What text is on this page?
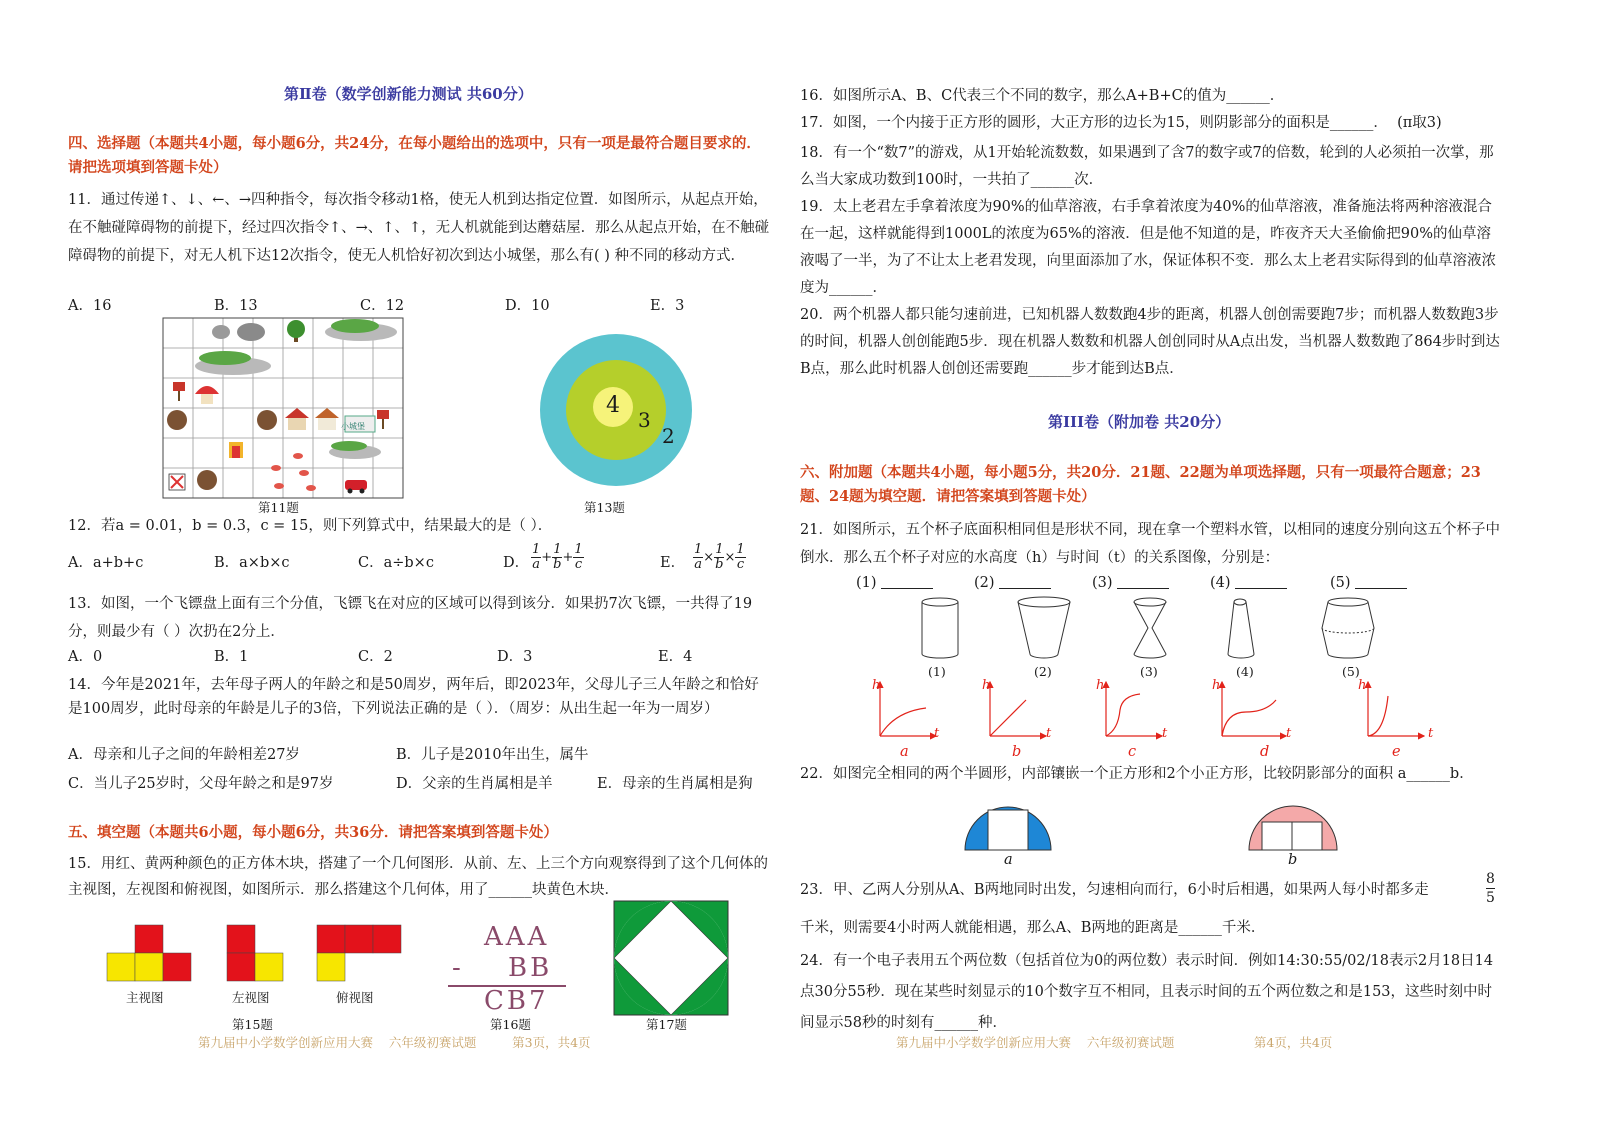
第Ⅱ卷（数学创新能力测试 共60分）
四、选择题（本题共4小题，每小题6分，共24分，在每小题给出的选项中，只有一项是最符合题目要求的．请把选项填到答题卡处）
11．通过传递↑、↓、←、→四种指令，每次指令移动1格，使无人机到达指定位置．如图所示，从起点开始，在不触碰障碍物的前提下，经过四次指令↑、→、↑、↑，无人机就能到达蘑菇屋．那么从起点开始，在不触碰障碍物的前提下，对无人机下达12次指令，使无人机恰好初次到达小城堡，那么有( ) 种不同的移动方式．
A．16	B．13	C．12	D．10	E．3
第11题
小城堡
4
3
2
第13题
12．若a = 0.01，b = 0.3，c = 15，则下列算式中，结果最大的是（ ）．
A．a+b+c	B．a×b×c	C．a÷b×c	D． $\frac{1}{a} + \frac{1}{b} + \frac{1}{c}$	E． $\frac{1}{a} \times \frac{1}{b} \times \frac{1}{c}$
13．如图，一个飞镖盘上面有三个分值，飞镖飞在对应的区域可以得到该分．如果扔7次飞镖，一共得了19分，则最少有（ ）次扔在2分上．
A．0	B．1	C．2	D．3	E．4
14．今年是2021年，去年母子两人的年龄之和是50周岁，两年后，即2023年，父母儿子三人年龄之和恰好是100周岁，此时母亲的年龄是儿子的3倍，下列说法正确的是（ ）．（周岁：从出生起一年为一周岁）
A．母亲和儿子之间的年龄相差27岁	B．儿子是2010年出生，属牛
C．当儿子25岁时，父母年龄之和是97岁	D．父亲的生肖属相是羊	E．母亲的生肖属相是狗
五、填空题（本题共6小题，每小题6分，共36分．请把答案填到答题卡处）
15．用红、黄两种颜色的正方体木块，搭建了一个几何图形．从前、左、上三个方向观察得到了这个几何体的主视图，左视图和俯视图，如图所示．那么搭建这个几何体，用了______块黄色木块．
主视图	左视图	俯视图
第15题
AAA
- BB
CB7
第16题	第17题
第九届中小学数学创新应用大赛    六年级初赛试题         第3页，共4页
16．如图所示A、B、C代表三个不同的数字，那么A+B+C的值为______．
17．如图，一个内接于正方形的圆形，大正方形的边长为15，则阴影部分的面积是______．  (π取3)
18．有一个“数7”的游戏，从1开始轮流数数，如果遇到了含7的数字或7的倍数，轮到的人必须拍一次掌，那么当大家成功数到100时，一共拍了______次．
19．太上老君左手拿着浓度为90%的仙草溶液，右手拿着浓度为40%的仙草溶液，准备施法将两种溶液混合在一起，这样就能得到1000L的浓度为65%的溶液．但是他不知道的是，昨夜齐天大圣偷偷把90%的仙草溶液喝了一半，为了不让太上老君发现，向里面添加了水，保证体积不变．那么太上老君实际得到的仙草溶液浓度为______．
20．两个机器人都只能匀速前进，已知机器人数数跑4步的距离，机器人创创需要跑7步；而机器人数数跑3步的时间，机器人创创能跑5步．现在机器人数数和机器人创创同时从A点出发，当机器人数数跑了864步时到达B点，那么此时机器人创创还需要跑______步才能到达B点．
第III卷（附加卷 共20分）
六、附加题（本题共4小题，每小题5分，共20分．21题、22题为单项选择题，只有一项最符合题意；23题、24题为填空题．请把答案填到答题卡处）
21．如图所示，五个杯子底面积相同但是形状不同，现在拿一个塑料水管，以相同的速度分别向这五个杯子中倒水．那么五个杯子对应的水高度（h）与时间（t）的关系图像，分别是：
(1)	(2)	(3)	(4)	(5)
(1)	(2)	(3)	(4)	(5)
h	h	h	h	h
t	t	t	t	t
a	b	c	d	e
22．如图完全相同的两个半圆形，内部镶嵌一个正方形和2个小正方形，比较阴影部分的面积 a______b．
a	b
23．甲、乙两人分别从A、B两地同时出发，匀速相向而行，6小时后相遇，如果两人每小时都多走
8
5
千米，则需要4小时两人就能相遇，那么A、B两地的距离是______千米．
24．有一个电子表用五个两位数（包括首位为0的两位数）表示时间．例如14:30:55/02/18表示2月18日14点30分55秒．现在某些时刻显示的10个数字互不相同，且表示时间的五个两位数之和是153，这些时刻中时间显示58秒的时刻有______种．
第九届中小学数学创新应用大赛    六年级初赛试题                    第4页，共4页
